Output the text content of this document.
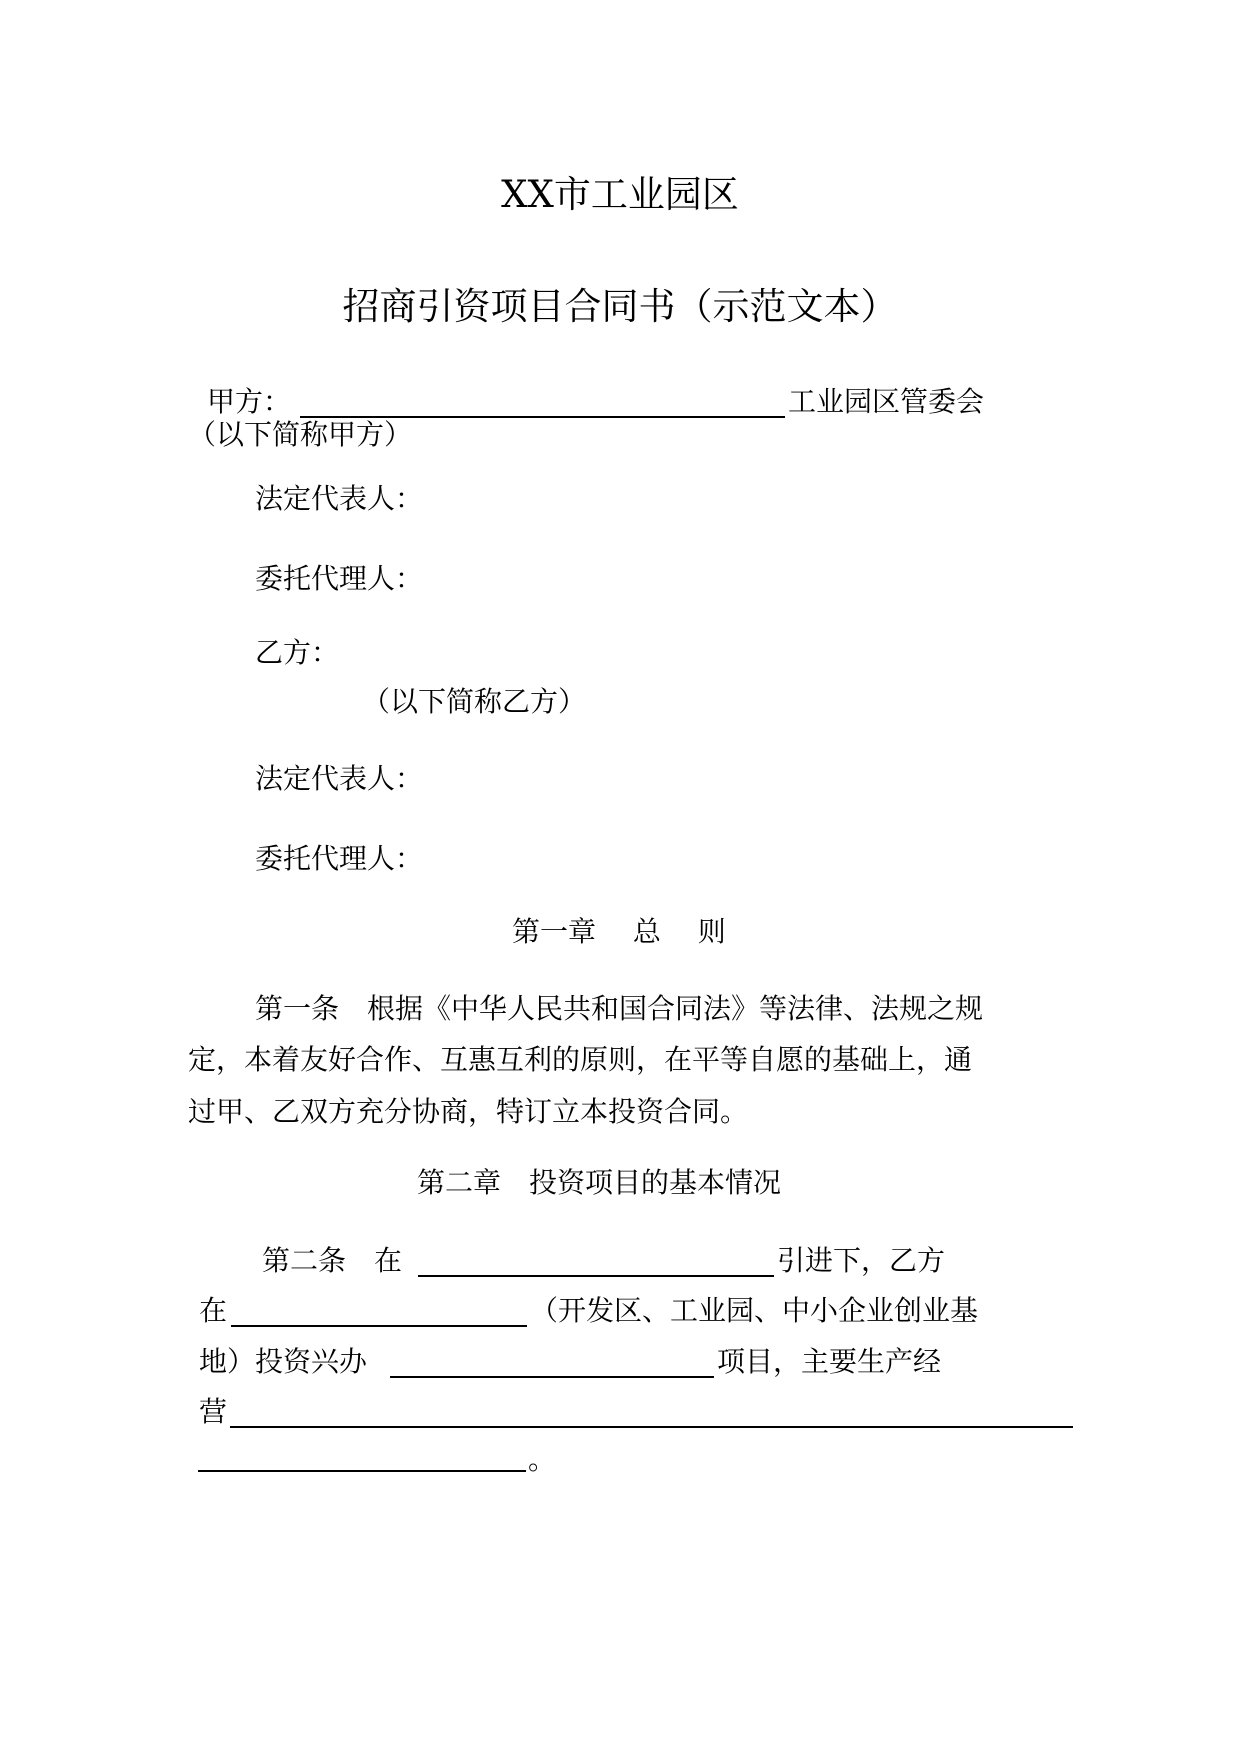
XX市工业园区
招商引资项目合同书（示范文本）
甲方：	工业园区管委会
（以下简称甲方）
法定代表人：
委托代理人：
乙方：
（以下简称乙方）
法定代表人：
委托代理人：
第一章　 总　 则
第一条　根据《中华人民共和国合同法》等法律、法规之规
定，本着友好合作、互惠互利的原则，在平等自愿的基础上，通
过甲、乙双方充分协商，特订立本投资合同。
第二章　投资项目的基本情况
第二条　在	引进下，乙方
在	（开发区、工业园、中小企业创业基
地）投资兴办	项目，主要生产经
营
。
